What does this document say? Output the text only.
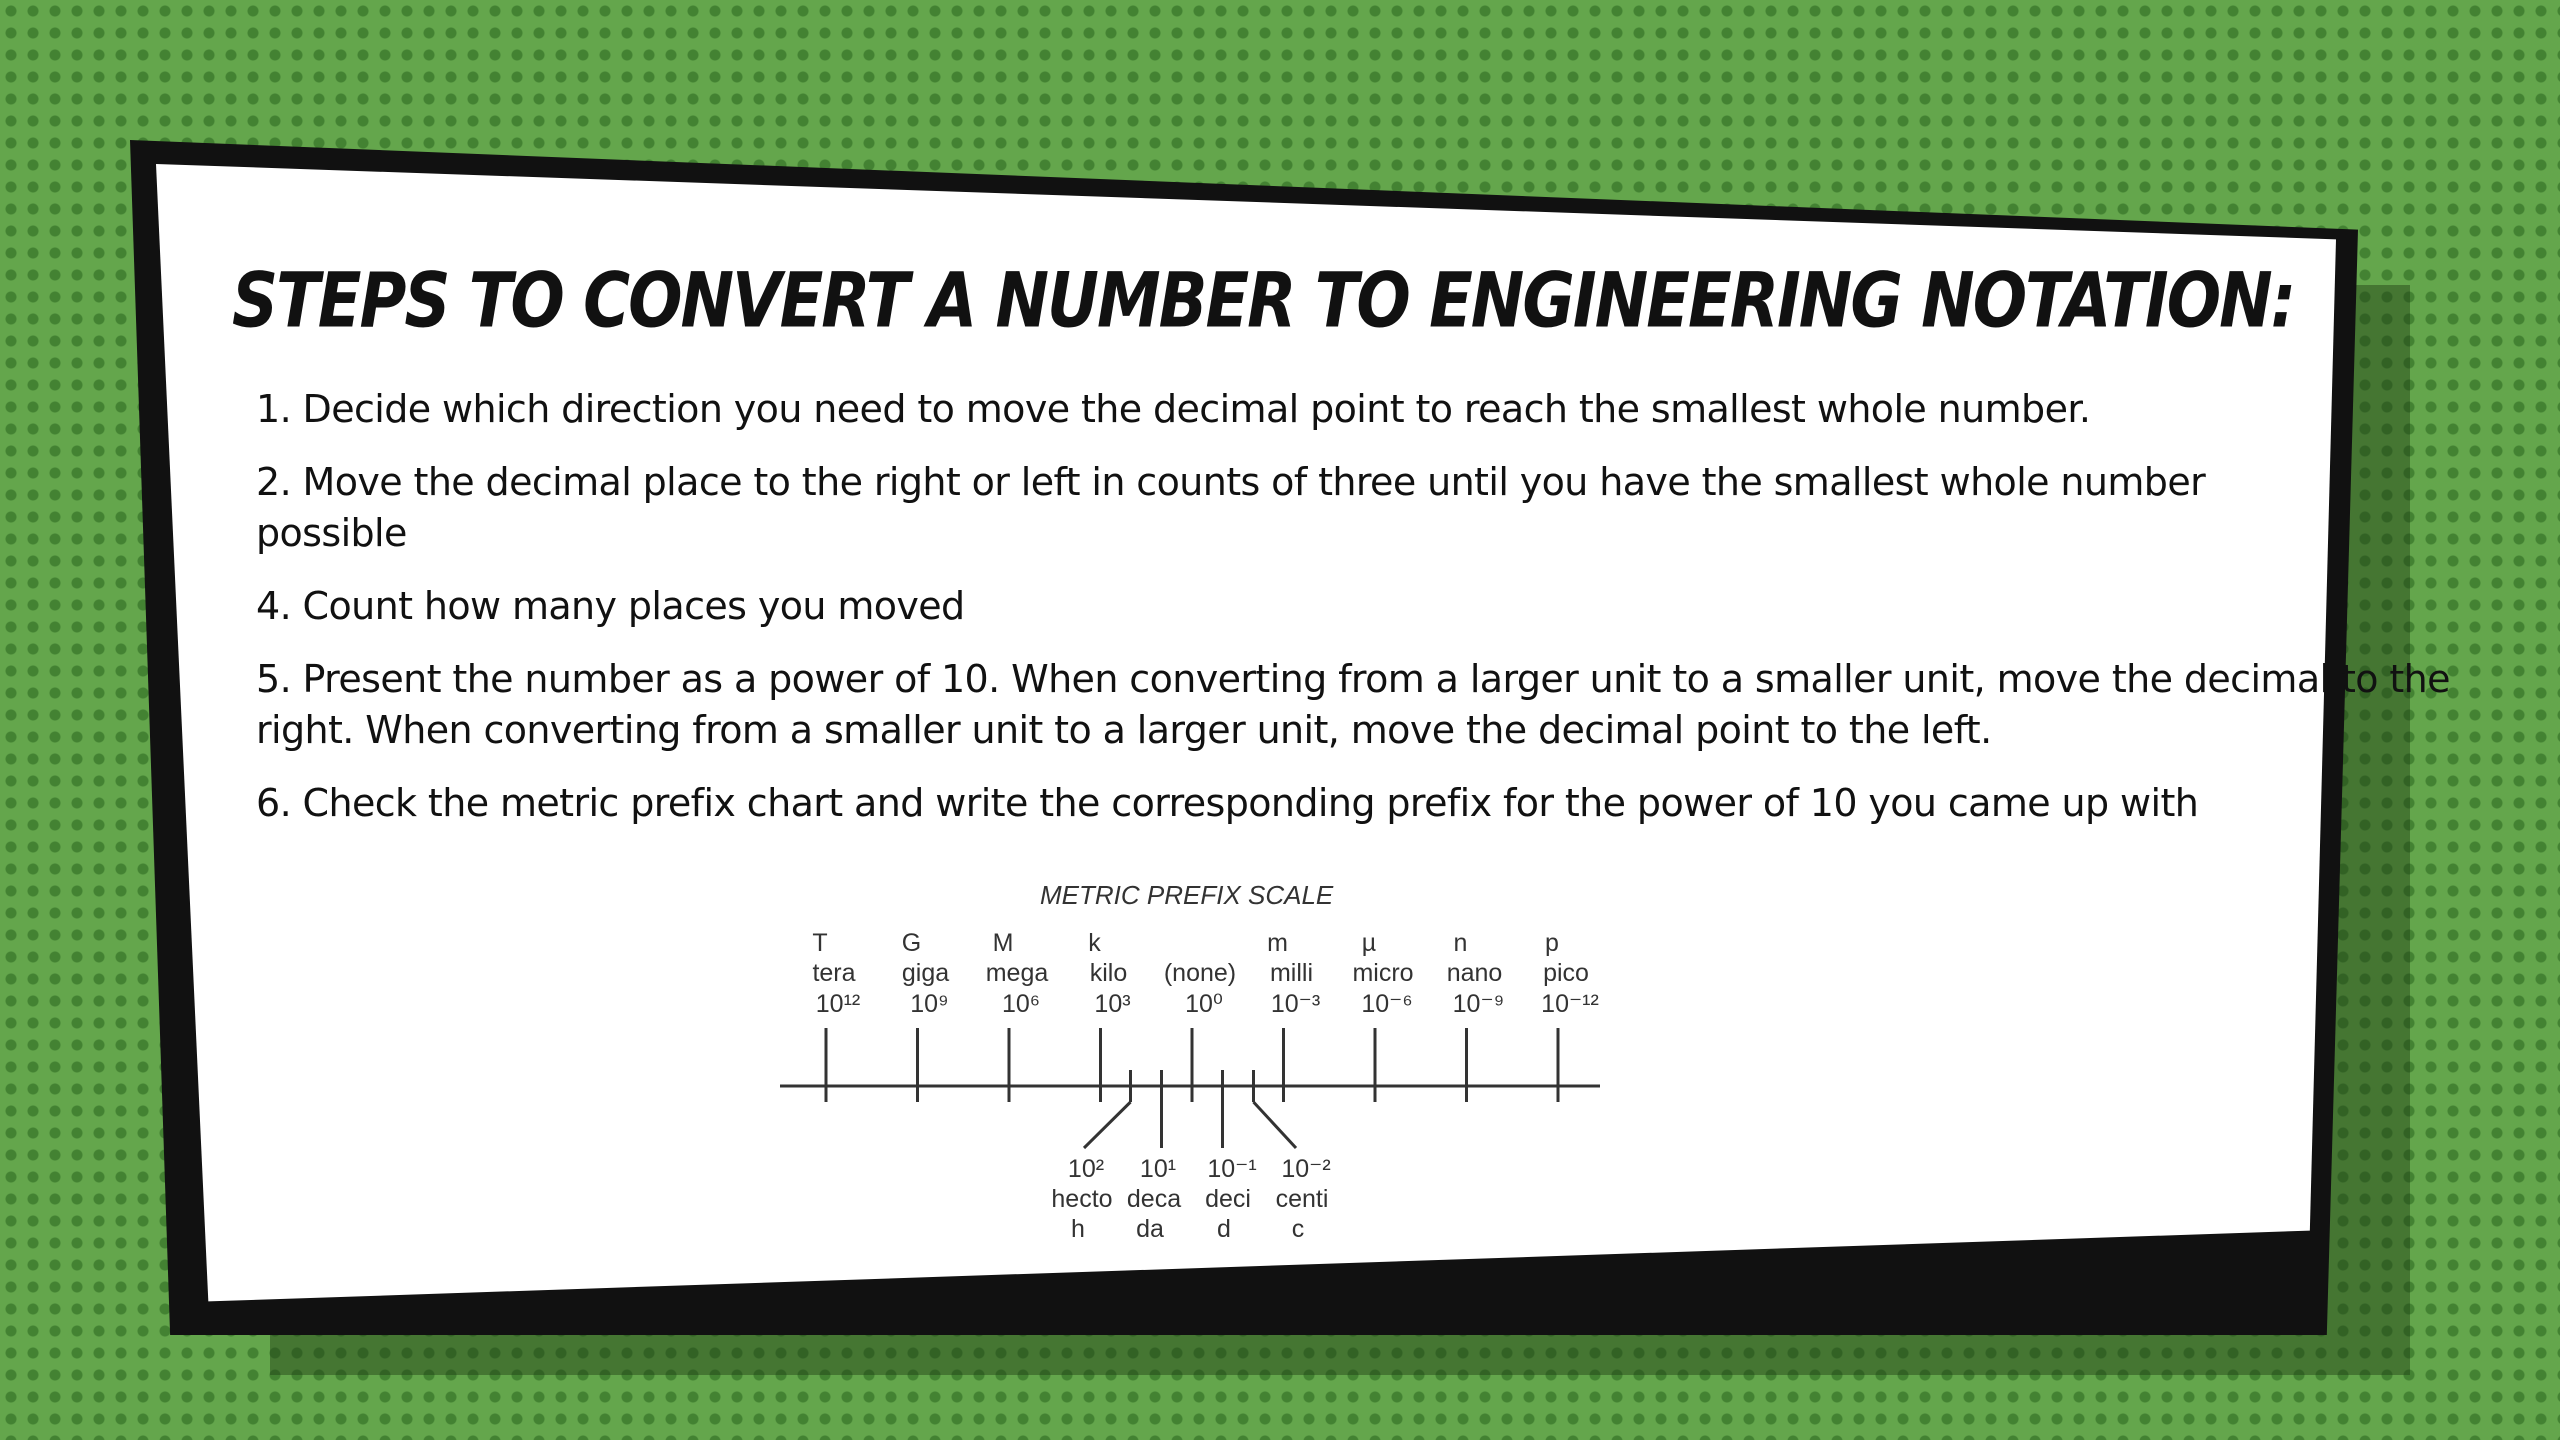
STEPS TO CONVERT A NUMBER TO ENGINEERING NOTATION:

1. Decide which direction you need to move the decimal point to reach the smallest whole number.

2. Move the decimal place to the right or left in counts of three until you have the smallest whole number possible

4. Count how many places you moved

5. Present the number as a power of 10. When converting from a larger unit to a smaller unit, move the decimal to the right. When converting from a smaller unit to a larger unit, move the decimal point to the left.

6. Check the metric prefix chart and write the corresponding prefix for the power of 10 you came up with

METRIC PREFIX SCALE
T
tera
10¹²
G
giga
10⁹
M
mega
10⁶
k
kilo
10³
(none)
10⁰
m
milli
10⁻³
µ
micro
10⁻⁶
n
nano
10⁻⁹
p
pico
10⁻¹²
10²
hecto
h
10¹
deca
da
10⁻¹
deci
d
10⁻²
centi
c
